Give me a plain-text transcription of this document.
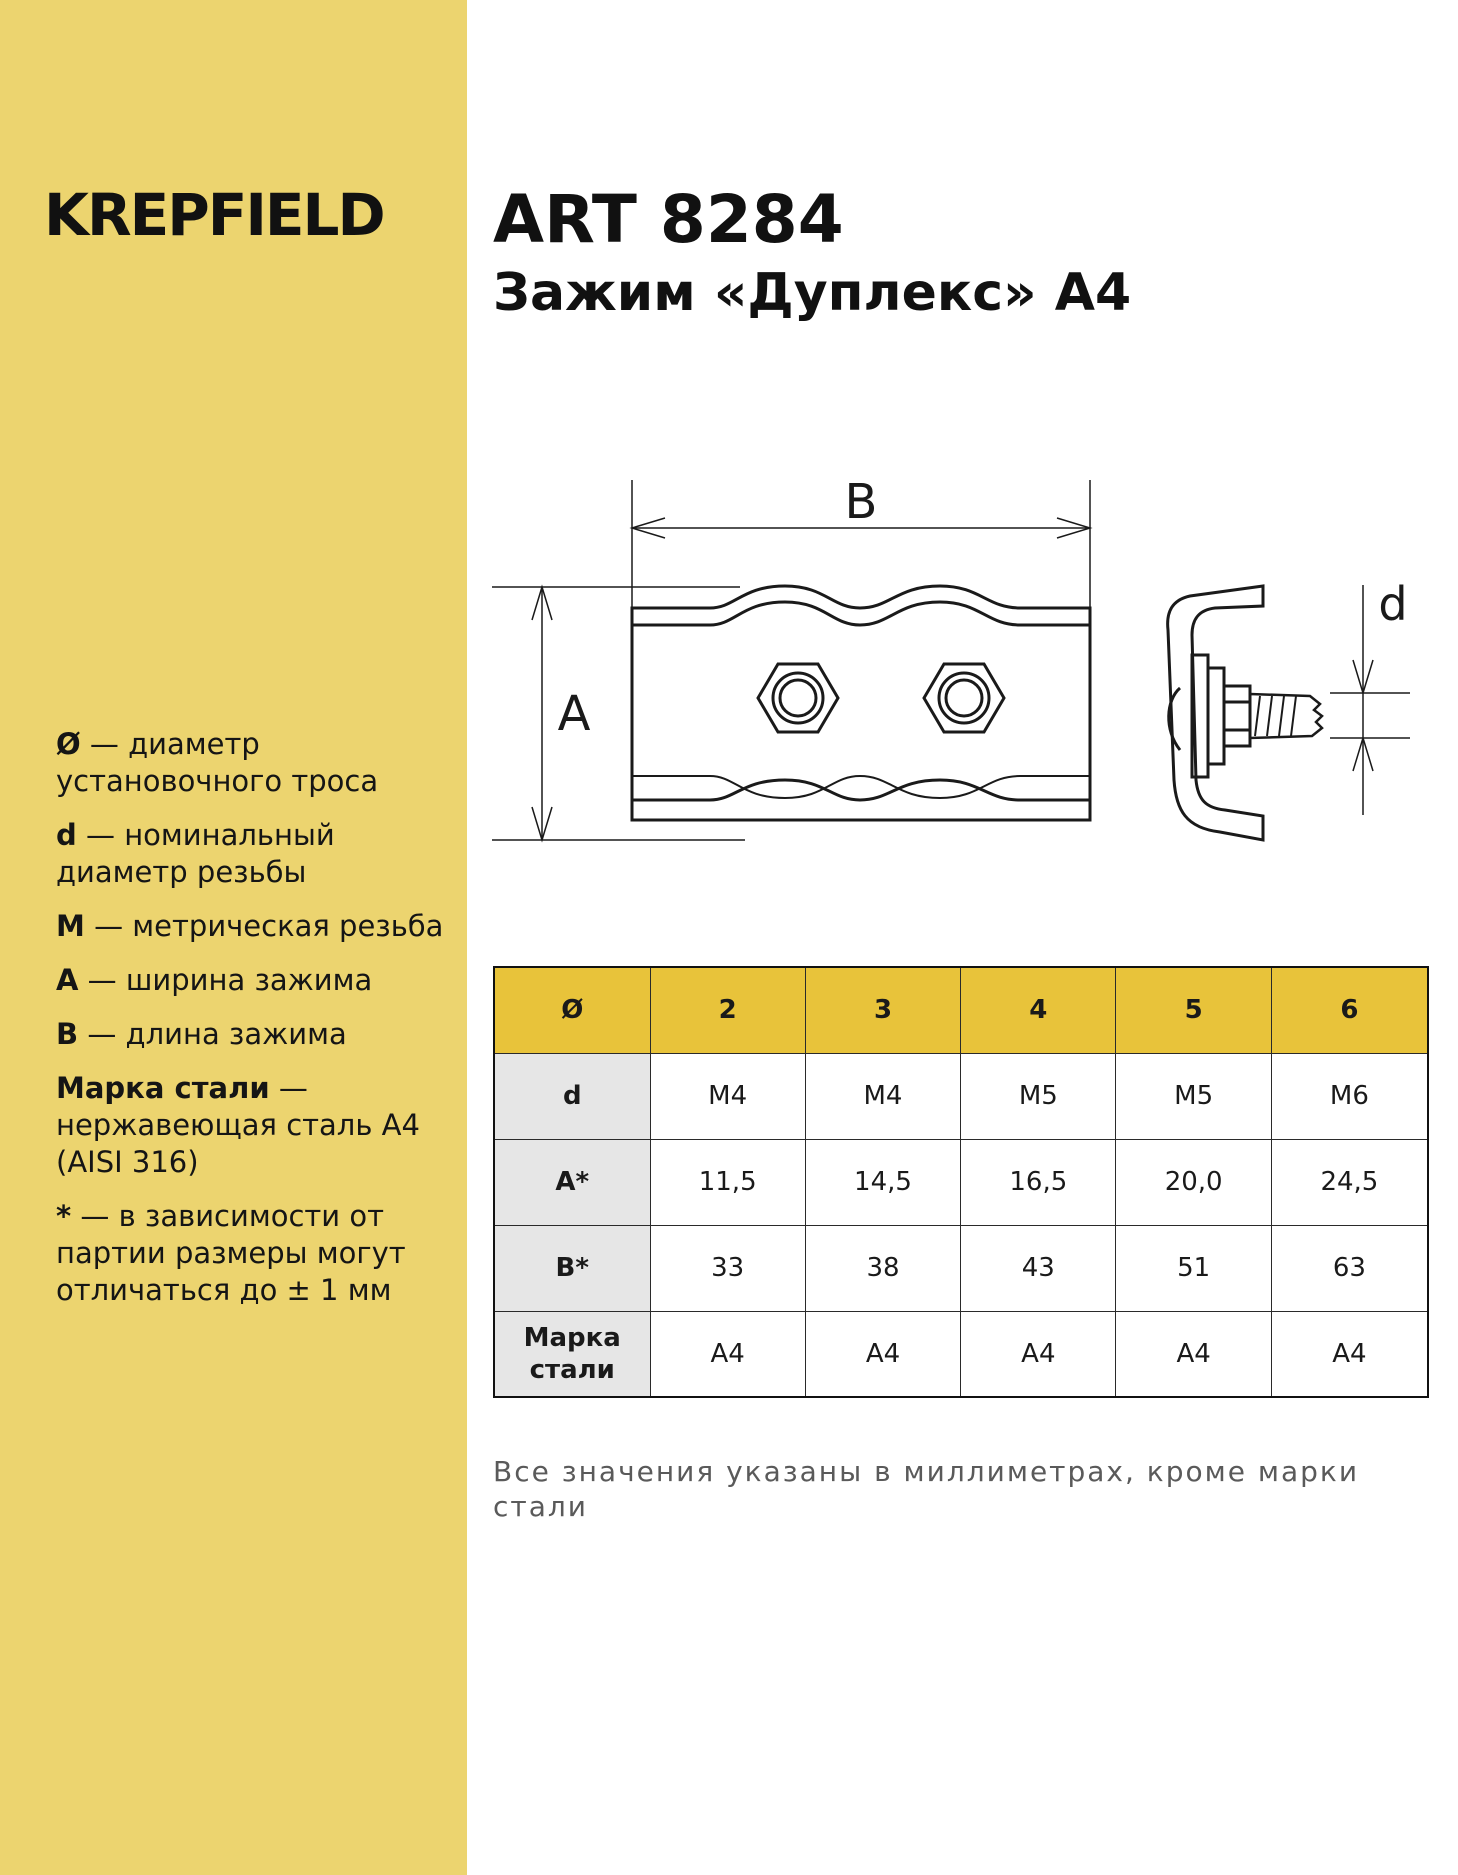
KREPFIELD
Ø — диаметр установочного троса
d — номинальный диаметр резьбы
M — метрическая резьба
A — ширина зажима
B — длина зажима
Марка стали — нержавеющая сталь А4 (AISI 316)
* — в зависимости от партии размеры могут отличаться до ± 1 мм
ART 8284
Зажим «Дуплекс» А4
B
A
d
Ø	2	3	4	5	6
d	M4	M4	M5	M5	M6
A*	11,5	14,5	16,5	20,0	24,5
B*	33	38	43	51	63
Марка стали	A4	A4	A4	A4	A4
Все значения указаны в миллиметрах, кроме марки стали
